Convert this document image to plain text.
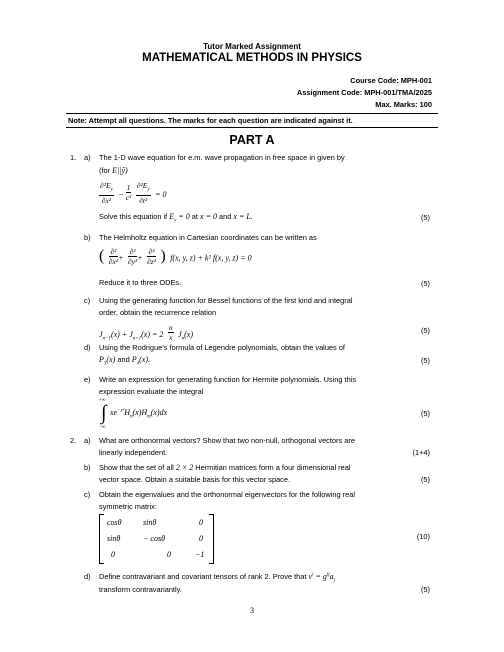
Tutor Marked Assignment
MATHEMATICAL METHODS IN PHYSICS
Course Code: MPH-001
Assignment Code: MPH-001/TMA/2025
Max. Marks: 100
Note: Attempt all questions. The marks for each question are indicated against it.
PART A
1. a) The 1-D wave equation for e.m. wave propagation in free space in given by
(for E||ŷ)
$\frac{\partial^2E_y}{\text{∂x²}} - \frac{1}{\text{c²}}$
$\frac{\partial^2E_y}{\text{∂t²}} = 0$
Solve this equation if $E_y = 0$ at x = 0 and x = L.	(5)
b) The Helmholtz equation in Cartesian coordinates can be written as
( $\frac{\text{∂²}}{\text{∂x²}} + \frac{\text{∂²}}{\text{∂y²}} + \frac{\text{∂²}}{\text{∂z²}}$ ) f(x, y, z) + k² f(x, y, z) = 0
Reduce it to three ODEs.	(5)
c) Using the generating function for Bessel functions of the first kind and integral
order, obtain the recurrence relation
$J_{n-1}(x) + J_{n+1}(x) = 2 \frac{n}{x} J_n(x)$	(5)
d) Using the Rodrigue’s formula of Legendre polynomials, obtain the values of
$P_3(x)$ and $P_4(x)$.	(5)
e) Write an expression for generating function for Hermite polynomials. Using this
expression evaluate the integral
+∞
∫
−∞
$xe^{-x^2}H_n(x)H_m(x)dx$	(5)
2. a) What are orthonormal vectors? Show that two non-null, orthogonal vectors are
linearly independent.	(1+4)
b) Show that the set of all 2 × 2 Hermitian matrices form a four dimensional real
vector space. Obtain a suitable basis for this vector space.	(5)
c) Obtain the eigenvalues and the orthonormal eigenvectors for the following real
symmetric matrix:
cosθ	sinθ	0
sinθ	− cosθ	0
0	0	−1
(10)
d) Define contravariant and covariant tensors of rank 2. Prove that $v^i = g^{ij}a_j$
transform contravariantly.	(5)
3
